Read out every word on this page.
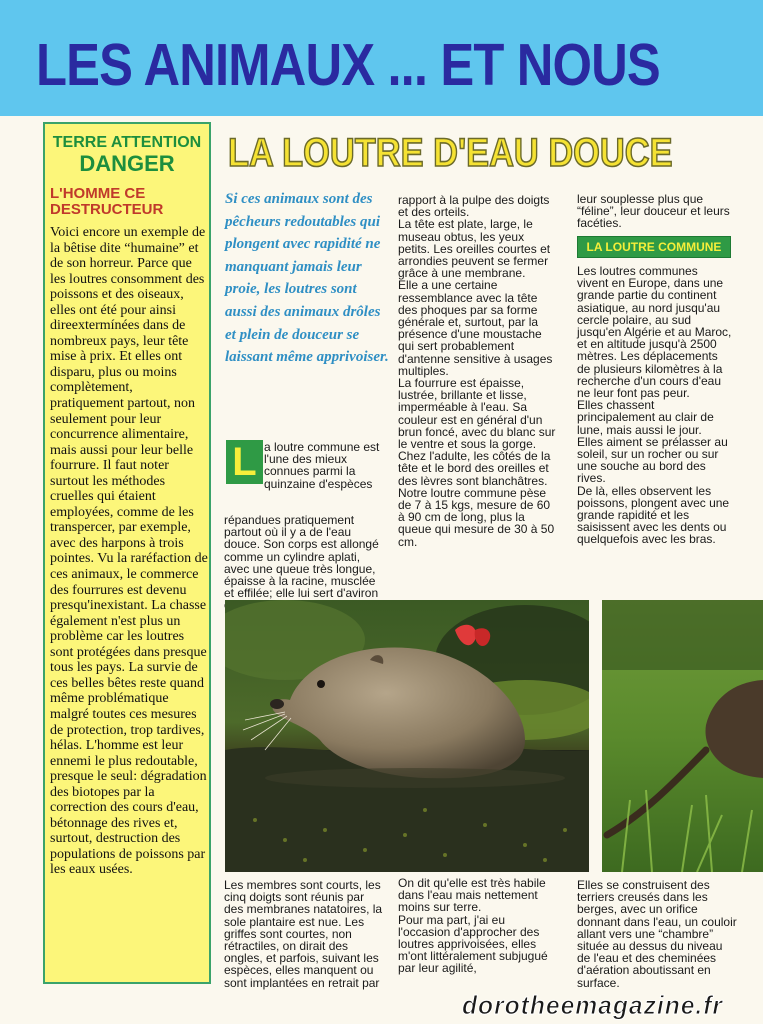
LES ANIMAUX ... ET NOUS
TERRE ATTENTION
DANGER
L'HOMME CE DESTRUCTEUR
Voici encore un exemple de la bêtise dite “humaine” et de son horreur. Parce que les loutres consomment des poissons et des oiseaux, elles ont été pour ainsi direextermínées dans de nombreux pays, leur tête mise à prix. Et elles ont disparu, plus ou moins complètement, pratiquement partout, non seulement pour leur concurrence alimentaire, mais aussi pour leur belle fourrure. Il faut noter surtout les méthodes cruelles qui étaient employées, comme de les transpercer, par exemple, avec des harpons à trois pointes. Vu la raréfaction de ces animaux, le commerce des fourrures est devenu presqu'inexistant. La chasse également n'est plus un problème car les loutres sont protégées dans presque tous les pays. La survie de ces belles bêtes reste quand même problématique malgré toutes ces mesures de protection, trop tardives, hélas. L'homme est leur ennemi le plus redoutable, presque le seul: dégradation des biotopes par la correction des cours d'eau, bétonnage des rives et, surtout, destruction des populations de poissons par les eaux usées.
LA LOUTRE D'EAU DOUCE
Si ces animaux sont des pêcheurs redoutables qui plongent avec rapidité ne manquant jamais leur proie, les loutres sont aussi des animaux drôles et plein de douceur se laissant même apprivoiser.
L a loutre commune est
l'une des mieux
connues parmi la
quinzaine d'espèces
répandues pratiquement partout où il y a de l'eau douce. Son corps est allongé comme un cylindre aplati, avec une queue très longue, épaisse à la racine, musclée et effilée; elle lui sert d'aviron
rapport à la pulpe des doigts et des orteils.
La tête est plate, large, le museau obtus, les yeux petits. Les oreilles courtes et arrondies peuvent se fermer grâce à une membrane.
Elle a une certaine ressemblance avec la tête des phoques par sa forme générale et, surtout, par la présence d'une moustache qui sert probablement d'antenne sensitive à usages multiples.
La fourrure est épaisse, lustrée, brillante et lisse, imperméable à l'eau. Sa couleur est en général d'un brun foncé, avec du blanc sur le ventre et sous la gorge.
Chez l'adulte, les côtés de la tête et le bord des oreilles et des lèvres sont blanchâtres.
Notre loutre commune pèse de 7 à 15 kgs, mesure de 60 à 90 cm de long, plus la queue qui mesure de 30 à 50 cm.
leur souplesse plus que “féline”, leur douceur et leurs facéties.
LA LOUTRE COMMUNE
Les loutres communes vivent en Europe, dans une grande partie du continent asiatique, au nord jusqu'au cercle polaire, au sud jusqu'en Algérie et au Maroc, et en altitude jusqu'à 2500 mètres. Les déplacements de plusieurs kilomètres à la recherche d'un cours d'eau ne leur font pas peur.
Elles chassent principalement au clair de lune, mais aussi le jour.
Elles aiment se prélasser au soleil, sur un rocher ou sur une souche au bord des rives.
De là, elles observent les poissons, plongent avec une grande rapidité et les saisissent avec les dents ou quelquefois avec les bras.
Les membres sont courts, les cinq doigts sont réunis par des membranes natatoires, la sole plantaire est nue. Les griffes sont courtes, non rétractiles, on dirait des ongles, et parfois, suivant les espèces, elles manquent ou sont implantées en retrait par
On dit qu'elle est très habile dans l'eau mais nettement moins sur terre.
Pour ma part, j'ai eu l'occasion d'approcher des loutres apprivoisées, elles m'ont littéralement subjugué par leur agilité,
Elles se construisent des terriers creusés dans les berges, avec un orifice donnant dans l'eau, un couloir allant vers une “chambre” située au dessus du niveau de l'eau et des cheminées d'aération aboutissant en surface.
dorotheemagazine.fr
